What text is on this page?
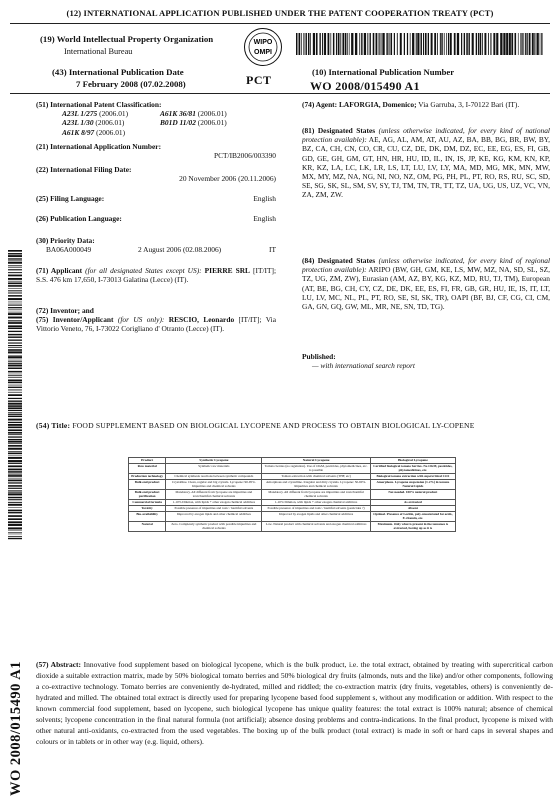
(12) INTERNATIONAL APPLICATION PUBLISHED UNDER THE PATENT COOPERATION TREATY (PCT)
(19) World Intellectual Property Organization
International Bureau
WIPO
OMPI
(43) International Publication Date
7 February 2008 (07.02.2008)	PCT
(10) International Publication Number
WO 2008/015490 A1
(51) International Patent Classification:
A23L 1/275 (2006.01)	A61K 36/81 (2006.01)
A23L 1/30 (2006.01)	B01D 11/02 (2006.01)
A61K 8/97 (2006.01)
(21) International Application Number:
PCT/IB2006/003390
(22) International Filing Date:
20 November 2006 (20.11.2006)
(25) Filing Language:	English
(26) Publication Language:	English
(30) Priority Data:
BA06A000049	2 August 2006 (02.08.2006)	IT
(71) Applicant (for all designated States except US): PIERRE SRL [IT/IT]; S.S. 476 km 17,650, I-73013 Galatina (Lecce) (IT).
(72) Inventor; and
(75) Inventor/Applicant (for US only): RESCIO, Leonardo [IT/IT]; Via Vittorio Veneto, 76, I-73022 Corigliano d' Otranto (Lecce) (IT).
(74) Agent: LAFORGIA, Domenico; Via Garruba, 3, I-70122 Bari (IT).
(81) Designated States (unless otherwise indicated, for every kind of national protection available): AE, AG, AL, AM, AT, AU, AZ, BA, BB, BG, BR, BW, BY, BZ, CA, CH, CN, CO, CR, CU, CZ, DE, DK, DM, DZ, EC, EE, EG, ES, FI, GB, GD, GE, GH, GM, GT, HN, HR, HU, ID, IL, IN, IS, JP, KE, KG, KM, KN, KP, KR, KZ, LA, LC, LK, LR, LS, LT, LU, LV, LY, MA, MD, MG, MK, MN, MW, MX, MY, MZ, NA, NG, NI, NO, NZ, OM, PG, PH, PL, PT, RO, RS, RU, SC, SD, SE, SG, SK, SL, SM, SV, SY, TJ, TM, TN, TR, TT, TZ, UA, UG, US, UZ, VC, VN, ZA, ZM, ZW.
(84) Designated States (unless otherwise indicated, for every kind of regional protection available): ARIPO (BW, GH, GM, KE, LS, MW, MZ, NA, SD, SL, SZ, TZ, UG, ZM, ZW), Eurasian (AM, AZ, BY, KG, KZ, MD, RU, TJ, TM), European (AT, BE, BG, CH, CY, CZ, DE, DK, EE, ES, FI, FR, GB, GR, HU, IE, IS, IT, LT, LU, LV, MC, NL, PL, PT, RO, SE, SI, SK, TR), OAPI (BF, BJ, CF, CG, CI, CM, GA, GN, GQ, GW, ML, MR, NE, SN, TD, TG).
Published:
— with international search report
(54) Title: FOOD SUPPLEMENT BASED ON BIOLOGICAL LYCOPENE AND PROCESS TO OBTAIN BIOLOGICAL LY-COPENE
Product	Synthetic Lycopene	Natural Lycopene	Biological Lycopene
Raw material	Synthetic raw materials	Tomato berries (no regulation). Use of OGM, pesticides, phytomedicines, etc. is possible	Certified biological tomato berries. No OGM, pesticides, phytomedicines, etc.
Production technology	Chemical synthesis reactions between synthetic compounds	Tomato extraction with chemical solvents (THF, etc)	Biological tomato extraction with supercritical CO2
Bulk end product	Crystalline. Clean, regular and big crystals. Lycopene: 90-95%. Impurities and chemical solvents	Amorphous and crystalline. Irregular and dirty crystals. Lycopene: 50-60%. Impurities and chemical solvents	Amorphous. Lycopene suspension (1-2%) in tomato Natural Lipids
Bulk end product purification	Mandatory. All different from lycopene are impurities and toxic/harmful chemical solvents	Mandatory. All different from lycopene are impurities and toxic/harmful chemical solvents	Not needed. 100% natural product
Commercial formula	1-10% Dilution, with lipids + other exogen chemical additives	1-10% Dilution, with lipids + other exogen chemical additives	As extracted
Toxicity	Possible presence of impurities and toxic / harmful solvents	Possible presence of impurities and toxic / harmful solvents (pesticides ?)	Absent
Bio-availability	Improved by exogen lipids and other chemical additives	Improved by exogen lipids and other chemical additives	Optimal. Presence of Lecitin, poly-unsaturated fat acids, E-vitamin, etc.
Natural	Zero. Completely synthetic product with possible impurities and chemical solvents	Low. Natural product with chemical solvents and exogen chemical additives	Maximum. Only what is present in the tomatoes is extracted, boxing up as it is
WO 2008/015490 A1 (57) Abstract: Innovative food supplement based on biological lycopene, which is the bulk product, i.e. the total extract, obtained by treating with supercritical carbon dioxide a suitable extraction matrix, made by 50% biological tomato berries and 50% biological dry fruits (almonds, nuts and the like) and/or other components, following a co-extractive technology. Tomato berries are conveniently de-hydrated, milled and riddled; the co-extraction matrix (dry fruits, vegetables, others) is conveniently de-hydrated and milled. The obtained total extract is directly used for preparing lycopene based food supplement s, without any modification or addition. With respect to the known commercial food supplement, based on lycopene, such biological lycopene has unique quality features: the total extract is 100% natural; absence of chemical solvents; lycopene concentration in the final natural formula (not artificial); absence dosing problems and contra-indications. In the final product, lycopene is mixed with other natural anti-oxidants, co-extracted from the used vegetables. The boxing up of the bulk product (total extract) is made in soft or hard caps in several shapes and colours or in tablets or in other way (e.g. liquid, others).
